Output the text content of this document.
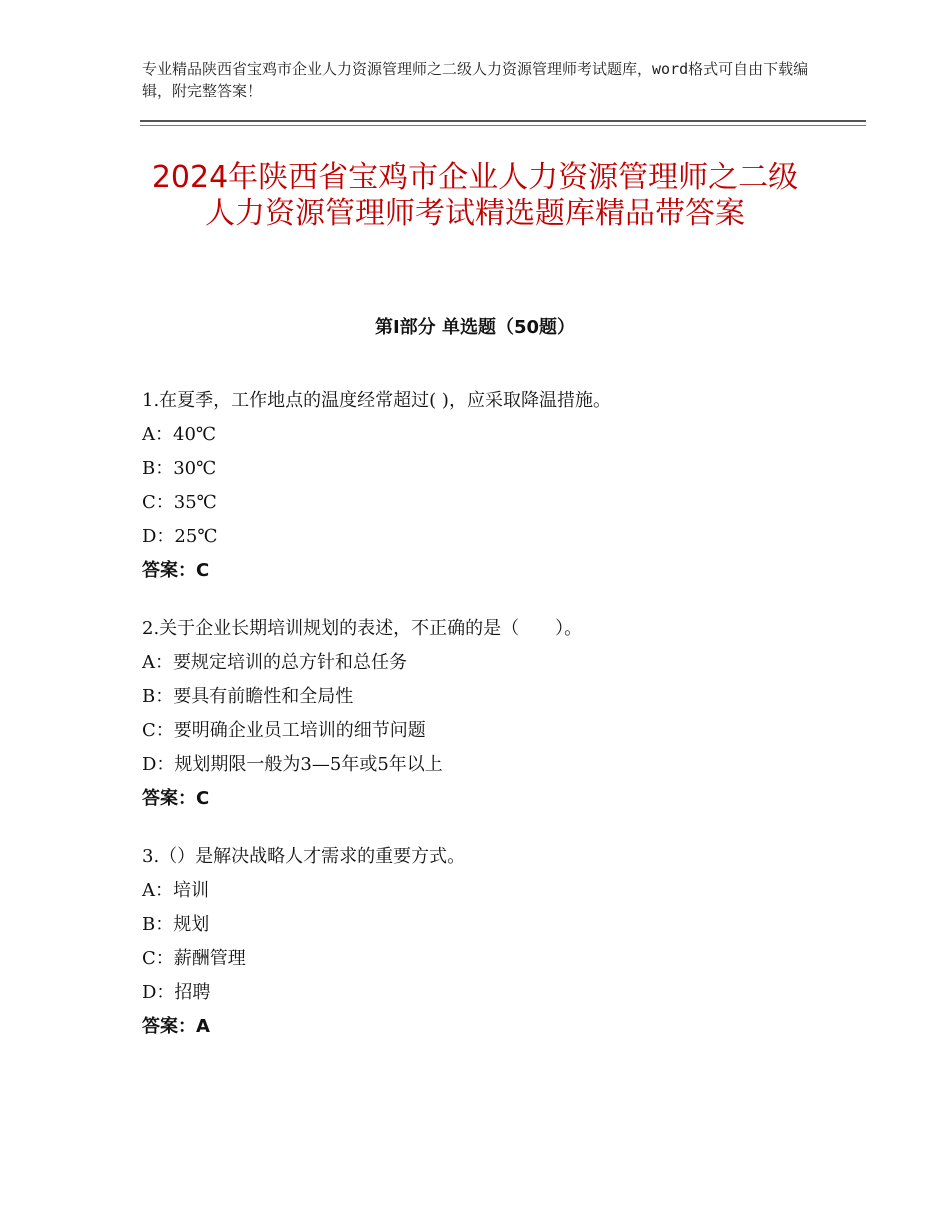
专业精品陕西省宝鸡市企业人力资源管理师之二级人力资源管理师考试题库，word格式可自由下载编辑，附完整答案！
2024年陕西省宝鸡市企业人力资源管理师之二级人力资源管理师考试精选题库精品带答案
第Ⅰ部分 单选题（50题）
1.在夏季，工作地点的温度经常超过( )，应采取降温措施。
A：40℃
B：30℃
C：35℃
D：25℃
答案：C
2.关于企业长期培训规划的表述，不正确的是（　　）。
A：要规定培训的总方针和总任务
B：要具有前瞻性和全局性
C：要明确企业员工培训的细节问题
D：规划期限一般为3—5年或5年以上
答案：C
3.（）是解决战略人才需求的重要方式。
A：培训
B：规划
C：薪酬管理
D：招聘
答案：A
